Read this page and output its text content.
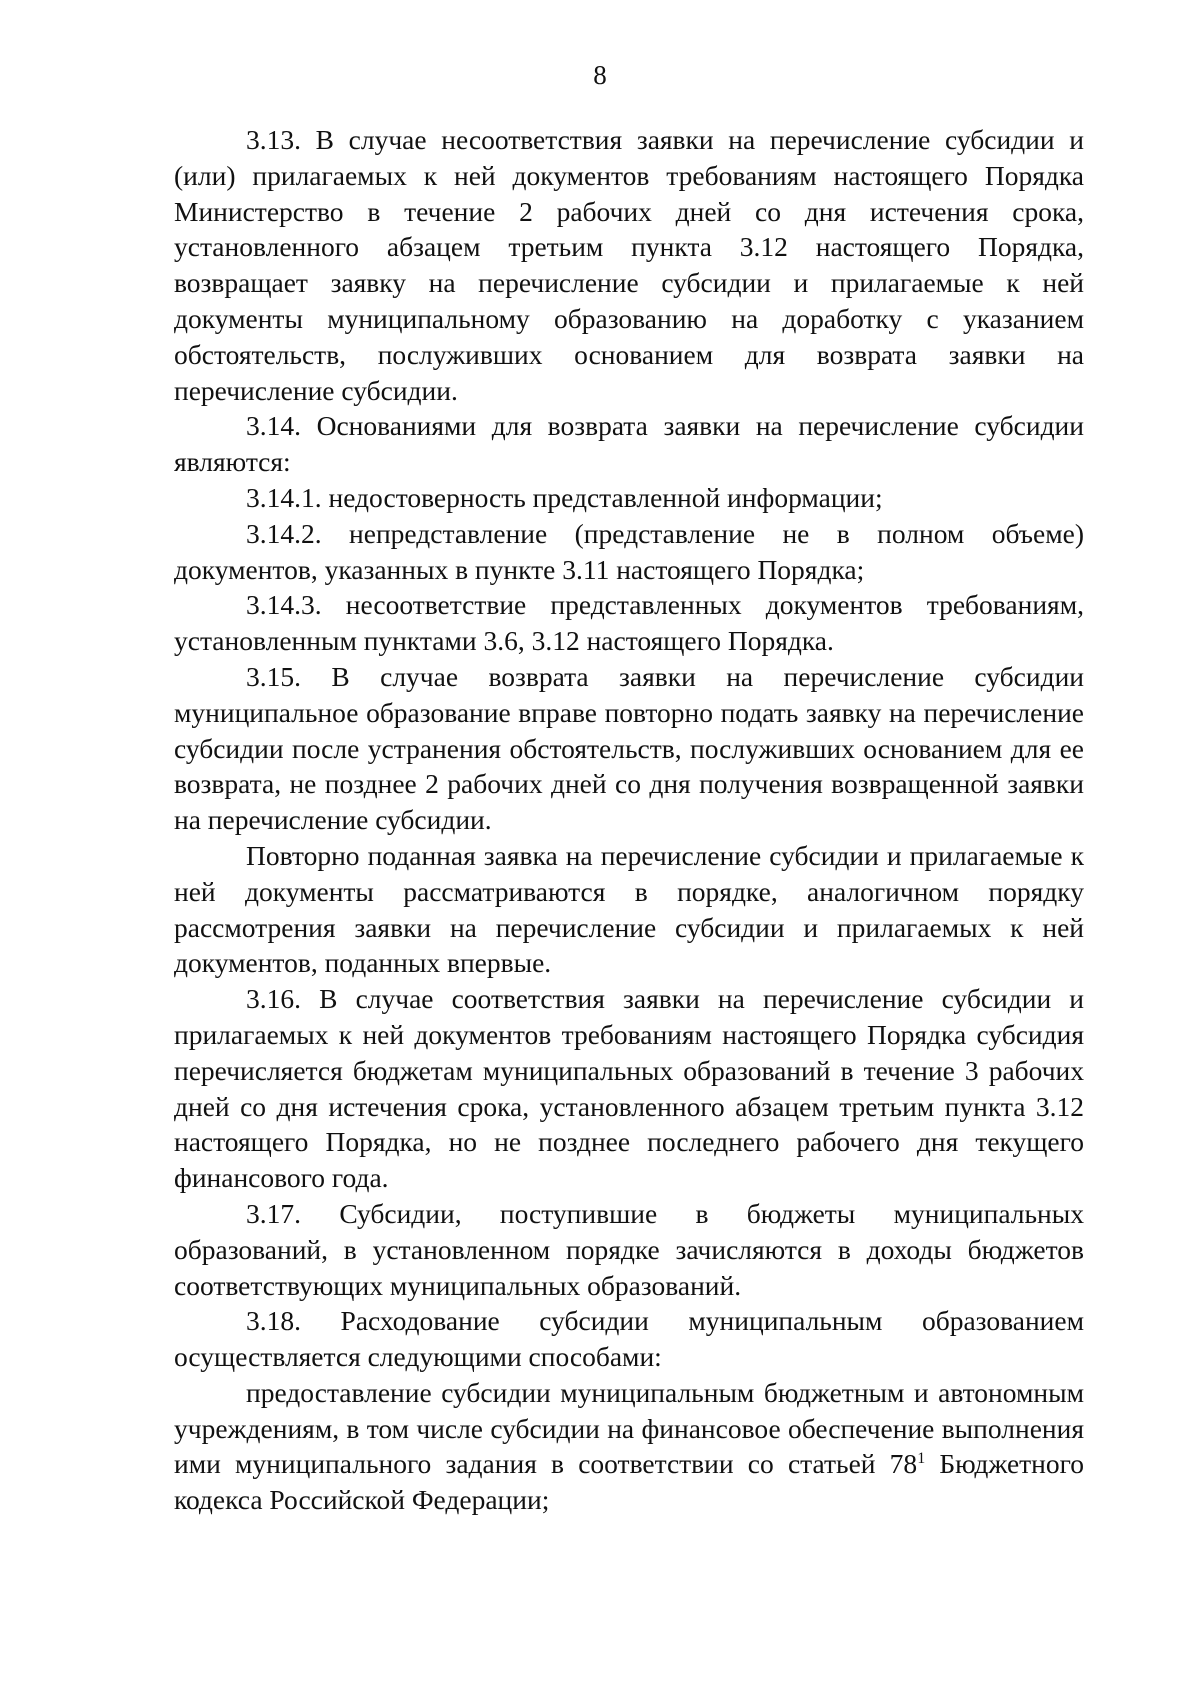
8

3.13. В случае несоответствия заявки на перечисление субсидии и (или) прилагаемых к ней документов требованиям настоящего Порядка Министерство в течение 2 рабочих дней со дня истечения срока, установленного абзацем третьим пункта 3.12 настоящего Порядка, возвращает заявку на перечисление субсидии и прилагаемые к ней документы муниципальному образованию на доработку с указанием обстоятельств, послуживших основанием для возврата заявки на перечисление субсидии.

3.14. Основаниями для возврата заявки на перечисление субсидии являются:

3.14.1. недостоверность представленной информации;

3.14.2. непредставление (представление не в полном объеме) документов, указанных в пункте 3.11 настоящего Порядка;

3.14.3. несоответствие представленных документов требованиям, установленным пунктами 3.6, 3.12 настоящего Порядка.

3.15. В случае возврата заявки на перечисление субсидии муниципальное образование вправе повторно подать заявку на перечисление субсидии после устранения обстоятельств, послуживших основанием для ее возврата, не позднее 2 рабочих дней со дня получения возвращенной заявки на перечисление субсидии.

Повторно поданная заявка на перечисление субсидии и прилагаемые к ней документы рассматриваются в порядке, аналогичном порядку рассмотрения заявки на перечисление субсидии и прилагаемых к ней документов, поданных впервые.

3.16. В случае соответствия заявки на перечисление субсидии и прилагаемых к ней документов требованиям настоящего Порядка субсидия перечисляется бюджетам муниципальных образований в течение 3 рабочих дней со дня истечения срока, установленного абзацем третьим пункта 3.12 настоящего Порядка, но не позднее последнего рабочего дня текущего финансового года.

3.17. Субсидии, поступившие в бюджеты муниципальных образований, в установленном порядке зачисляются в доходы бюджетов соответствующих муниципальных образований.

3.18. Расходование субсидии муниципальным образованием осуществляется следующими способами:

предоставление субсидии муниципальным бюджетным и автономным учреждениям, в том числе субсидии на финансовое обеспечение выполнения ими муниципального задания в соответствии со статьей $78^1$ Бюджетного кодекса Российской Федерации;
